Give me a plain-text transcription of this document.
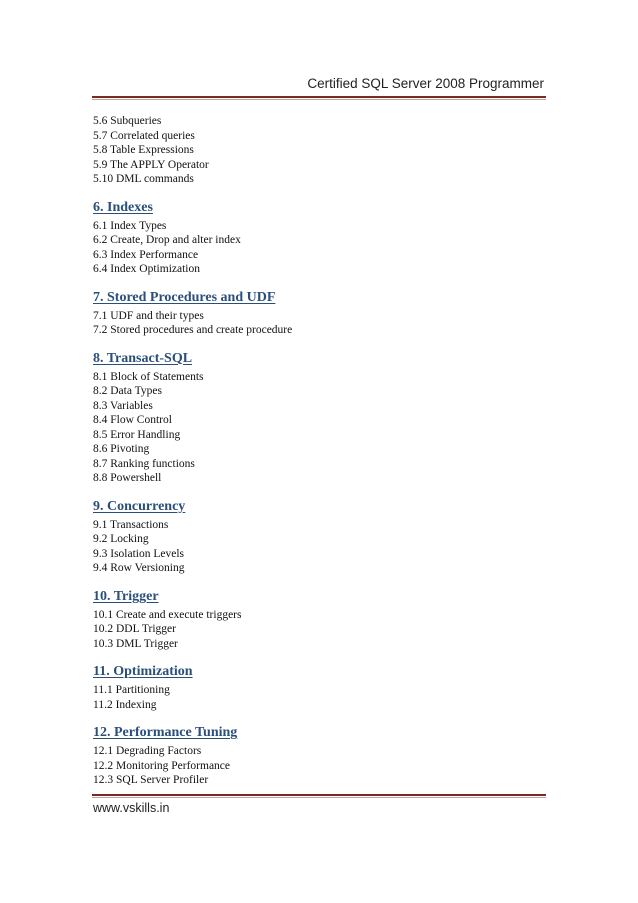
Certified SQL Server 2008 Programmer
5.6 Subqueries
5.7 Correlated queries
5.8 Table Expressions
5.9 The APPLY Operator
5.10 DML commands
6. Indexes
6.1 Index Types
6.2 Create, Drop and alter index
6.3 Index Performance
6.4 Index Optimization
7. Stored Procedures and UDF
7.1 UDF and their types
7.2 Stored procedures and create procedure
8. Transact-SQL
8.1 Block of Statements
8.2 Data Types
8.3 Variables
8.4 Flow Control
8.5 Error Handling
8.6 Pivoting
8.7 Ranking functions
8.8 Powershell
9. Concurrency
9.1 Transactions
9.2 Locking
9.3 Isolation Levels
9.4 Row Versioning
10. Trigger
10.1 Create and execute triggers
10.2 DDL Trigger
10.3 DML Trigger
11. Optimization
11.1 Partitioning
11.2 Indexing
12. Performance Tuning
12.1 Degrading Factors
12.2 Monitoring Performance
12.3 SQL Server Profiler
www.vskills.in
